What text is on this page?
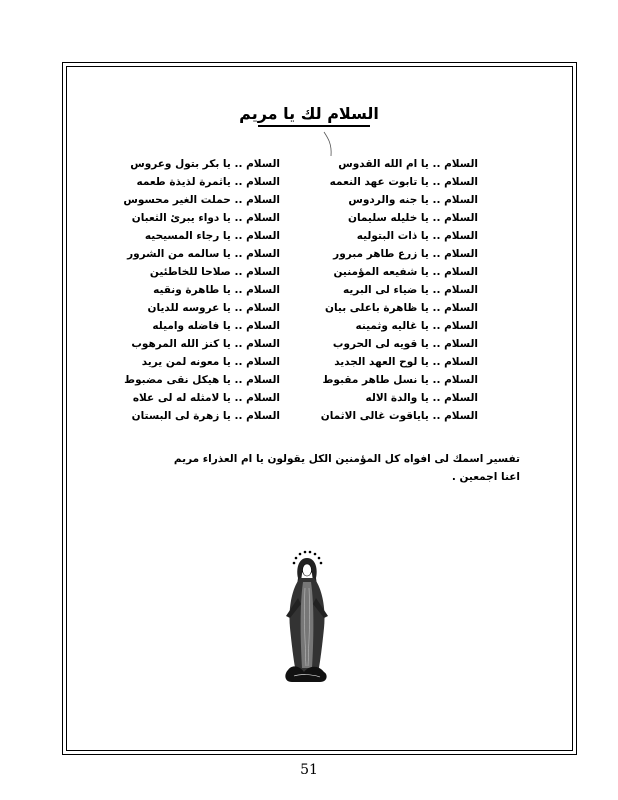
السلام لك يا مريم
السلام .. يا ام الله القدوس
السلام .. يا تابوت عهد النعمه
السلام .. يا جنه والردوس
السلام .. يا خليله سليمان
السلام .. يا ذات البتوليه
السلام .. يا زرع طاهر مبرور
السلام .. يا شفيعه المؤمنين
السلام .. يا ضياء لى البريه
السلام .. يا ظاهرة باعلى بيان
السلام .. يا غاليه وثمينه
السلام .. يا قويه لى الحروب
السلام .. يا لوح العهد الجديد
السلام .. يا نسل طاهر مقبوط
السلام .. يا والدة الاله
السلام .. ياياقوت غالى الاثمان
السلام .. يا بكر بتول وعروس
السلام .. ياثمرة لذيذة طعمه
السلام .. حملت الغير محسوس
السلام .. يا دواء يبرئ الثعبان
السلام .. يا رجاء المسيحيه
السلام .. يا سالمه من الشرور
السلام .. صلاحا للخاطئين
السلام .. يا طاهرة ونقيه
السلام .. يا عروسه للديان
السلام .. يا فاضله واميله
السلام .. يا كنز الله المرهوب
السلام .. يا معونه لمن يريد
السلام .. يا هيكل نقى مضبوط
السلام .. يا لامثله له لى علاه
السلام .. يا زهرة لى البستان
تفسير اسمك لى افواه كل المؤمنين الكل يقولون يا ام العذراء مريم
اعنا اجمعين .
51
